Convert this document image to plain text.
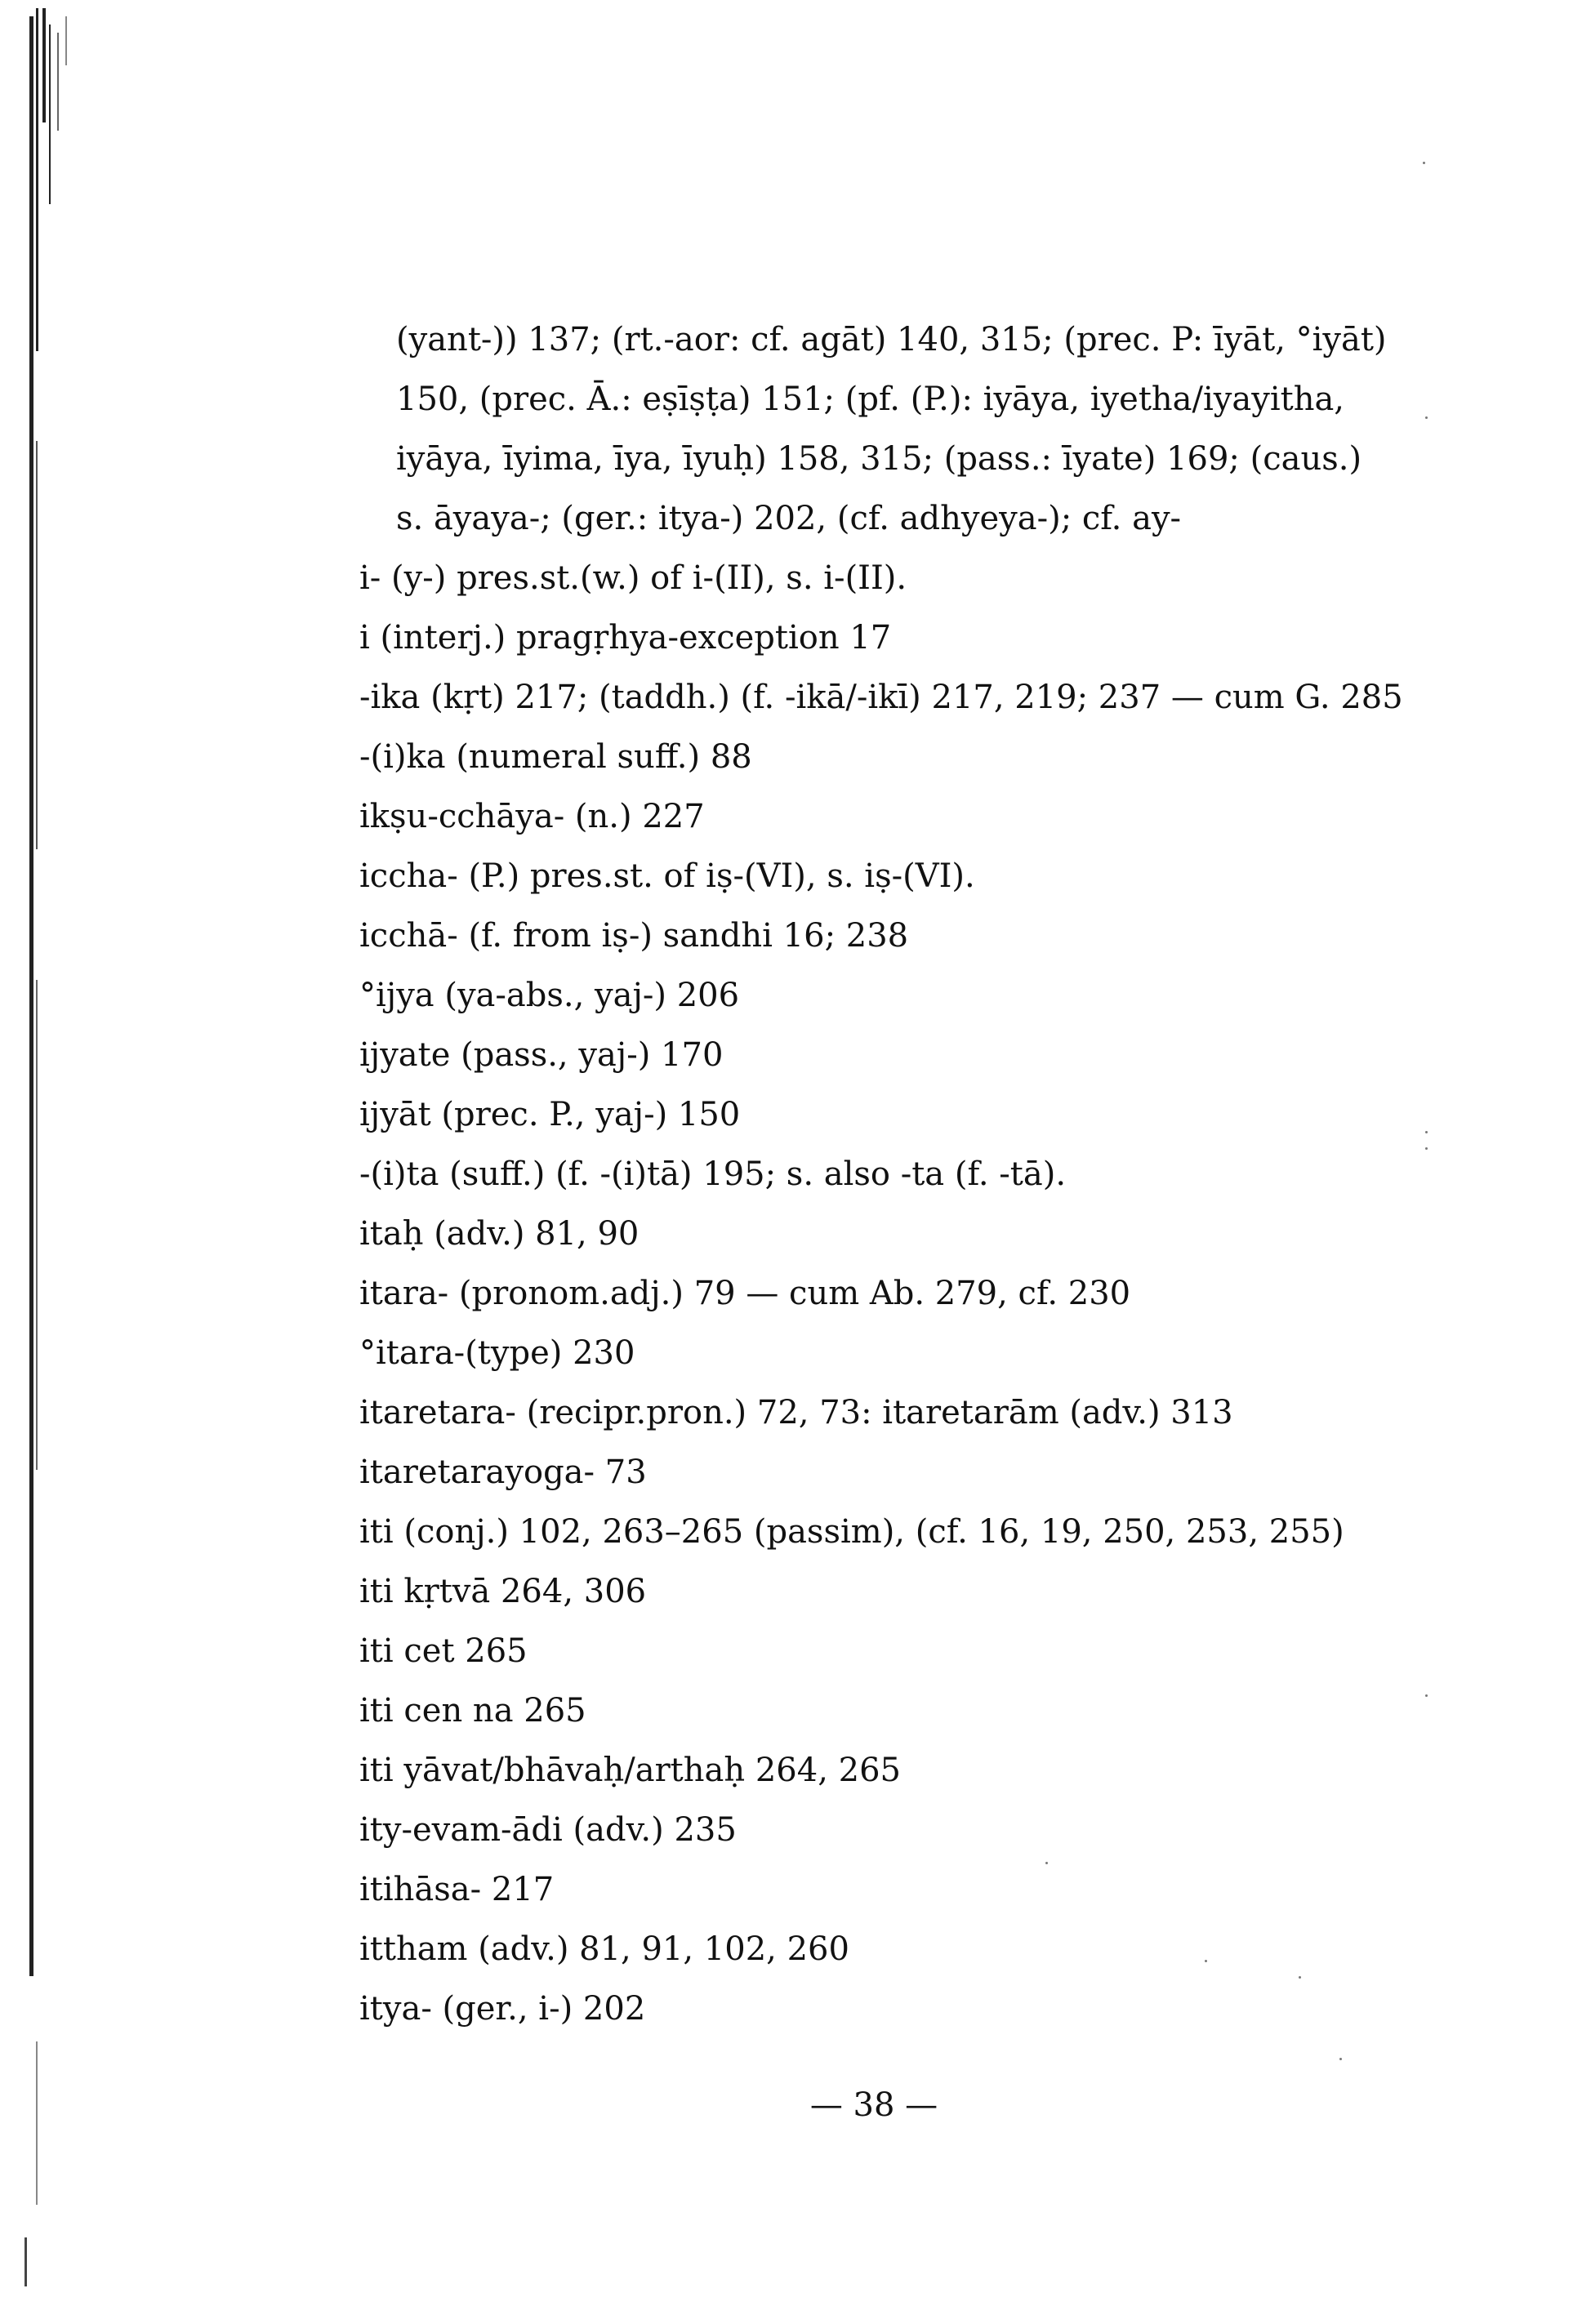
(yant-)) 137; (rt.-aor: cf. agāt) 140, 315; (prec. P: īyāt, °iyāt)
150, (prec. Ā.: eṣīṣṭa) 151; (pf. (P.): iyāya, iyetha/iyayitha,
iyāya, īyima, īya, īyuḥ) 158, 315; (pass.: īyate) 169; (caus.)
s. āyaya-; (ger.: itya-) 202, (cf. adhyeya-); cf. ay-
i- (y-) pres.st.(w.) of i-(II), s. i-(II).
i (interj.) pragṛhya-exception 17
-ika (kṛt) 217; (taddh.) (f. -ikā/-ikī) 217, 219; 237 — cum G. 285
-(i)ka (numeral suff.) 88
ikṣu-cchāya- (n.) 227
iccha- (P.) pres.st. of iṣ-(VI), s. iṣ-(VI).
icchā- (f. from iṣ-) sandhi 16; 238
°ijya (ya-abs., yaj-) 206
ijyate (pass., yaj-) 170
ijyāt (prec. P., yaj-) 150
-(i)ta (suff.) (f. -(i)tā) 195; s. also -ta (f. -tā).
itaḥ (adv.) 81, 90
itara- (pronom.adj.) 79 — cum Ab. 279, cf. 230
°itara-(type) 230
itaretara- (recipr.pron.) 72, 73: itaretarām (adv.) 313
itaretarayoga- 73
iti (conj.) 102, 263–265 (passim), (cf. 16, 19, 250, 253, 255)
iti kṛtvā 264, 306
iti cet 265
iti cen na 265
iti yāvat/bhāvaḥ/arthaḥ 264, 265
ity-evam-ādi (adv.) 235
itihāsa- 217
ittham (adv.) 81, 91, 102, 260
itya- (ger., i-) 202
— 38 —
